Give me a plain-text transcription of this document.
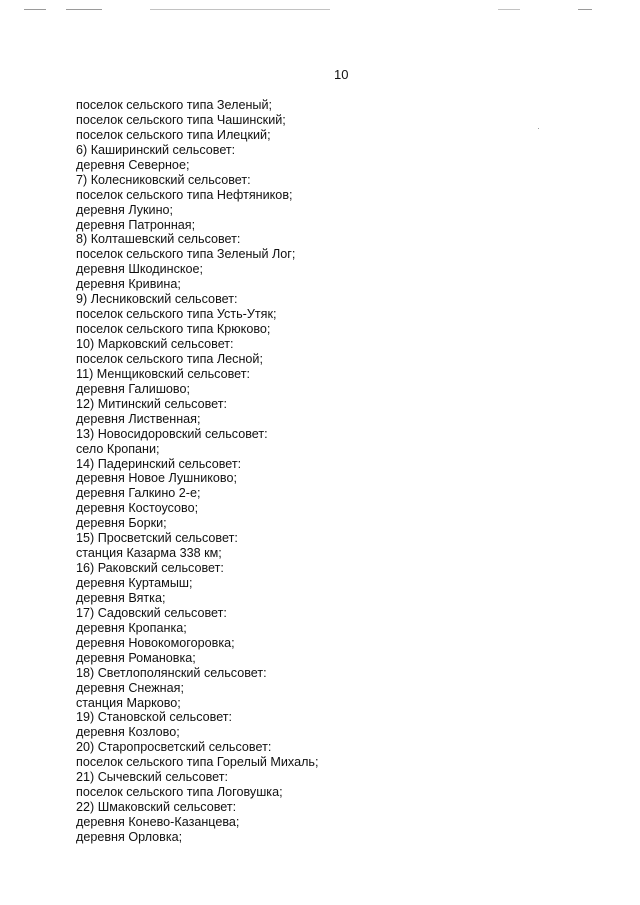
10
поселок сельского типа Зеленый;
поселок сельского типа Чашинский;
поселок сельского типа Илецкий;
6) Каширинский сельсовет:
деревня Северное;
7) Колесниковский сельсовет:
поселок сельского типа Нефтяников;
деревня Лукино;
деревня Патронная;
8) Колташевский сельсовет:
поселок сельского типа Зеленый Лог;
деревня Шкодинское;
деревня Кривина;
9) Лесниковский сельсовет:
поселок сельского типа Усть-Утяк;
поселок сельского типа Крюково;
10) Марковский сельсовет:
поселок сельского типа Лесной;
11) Менщиковский сельсовет:
деревня Галишово;
12) Митинский сельсовет:
деревня Лиственная;
13) Новосидоровский сельсовет:
село Кропани;
14) Падеринский сельсовет:
деревня Новое Лушниково;
деревня Галкино 2-е;
деревня Костоусово;
деревня Борки;
15) Просветский сельсовет:
станция Казарма 338 км;
16) Раковский сельсовет:
деревня Куртамыш;
деревня Вятка;
17) Садовский сельсовет:
деревня Кропанка;
деревня Новокомогоровка;
деревня Романовка;
18) Светлополянский сельсовет:
деревня Снежная;
станция Марково;
19) Становской сельсовет:
деревня Козлово;
20) Старопросветский сельсовет:
поселок сельского типа Горелый Михаль;
21) Сычевский сельсовет:
поселок сельского типа Логовушка;
22) Шмаковский сельсовет:
деревня Конево-Казанцева;
деревня Орловка;
